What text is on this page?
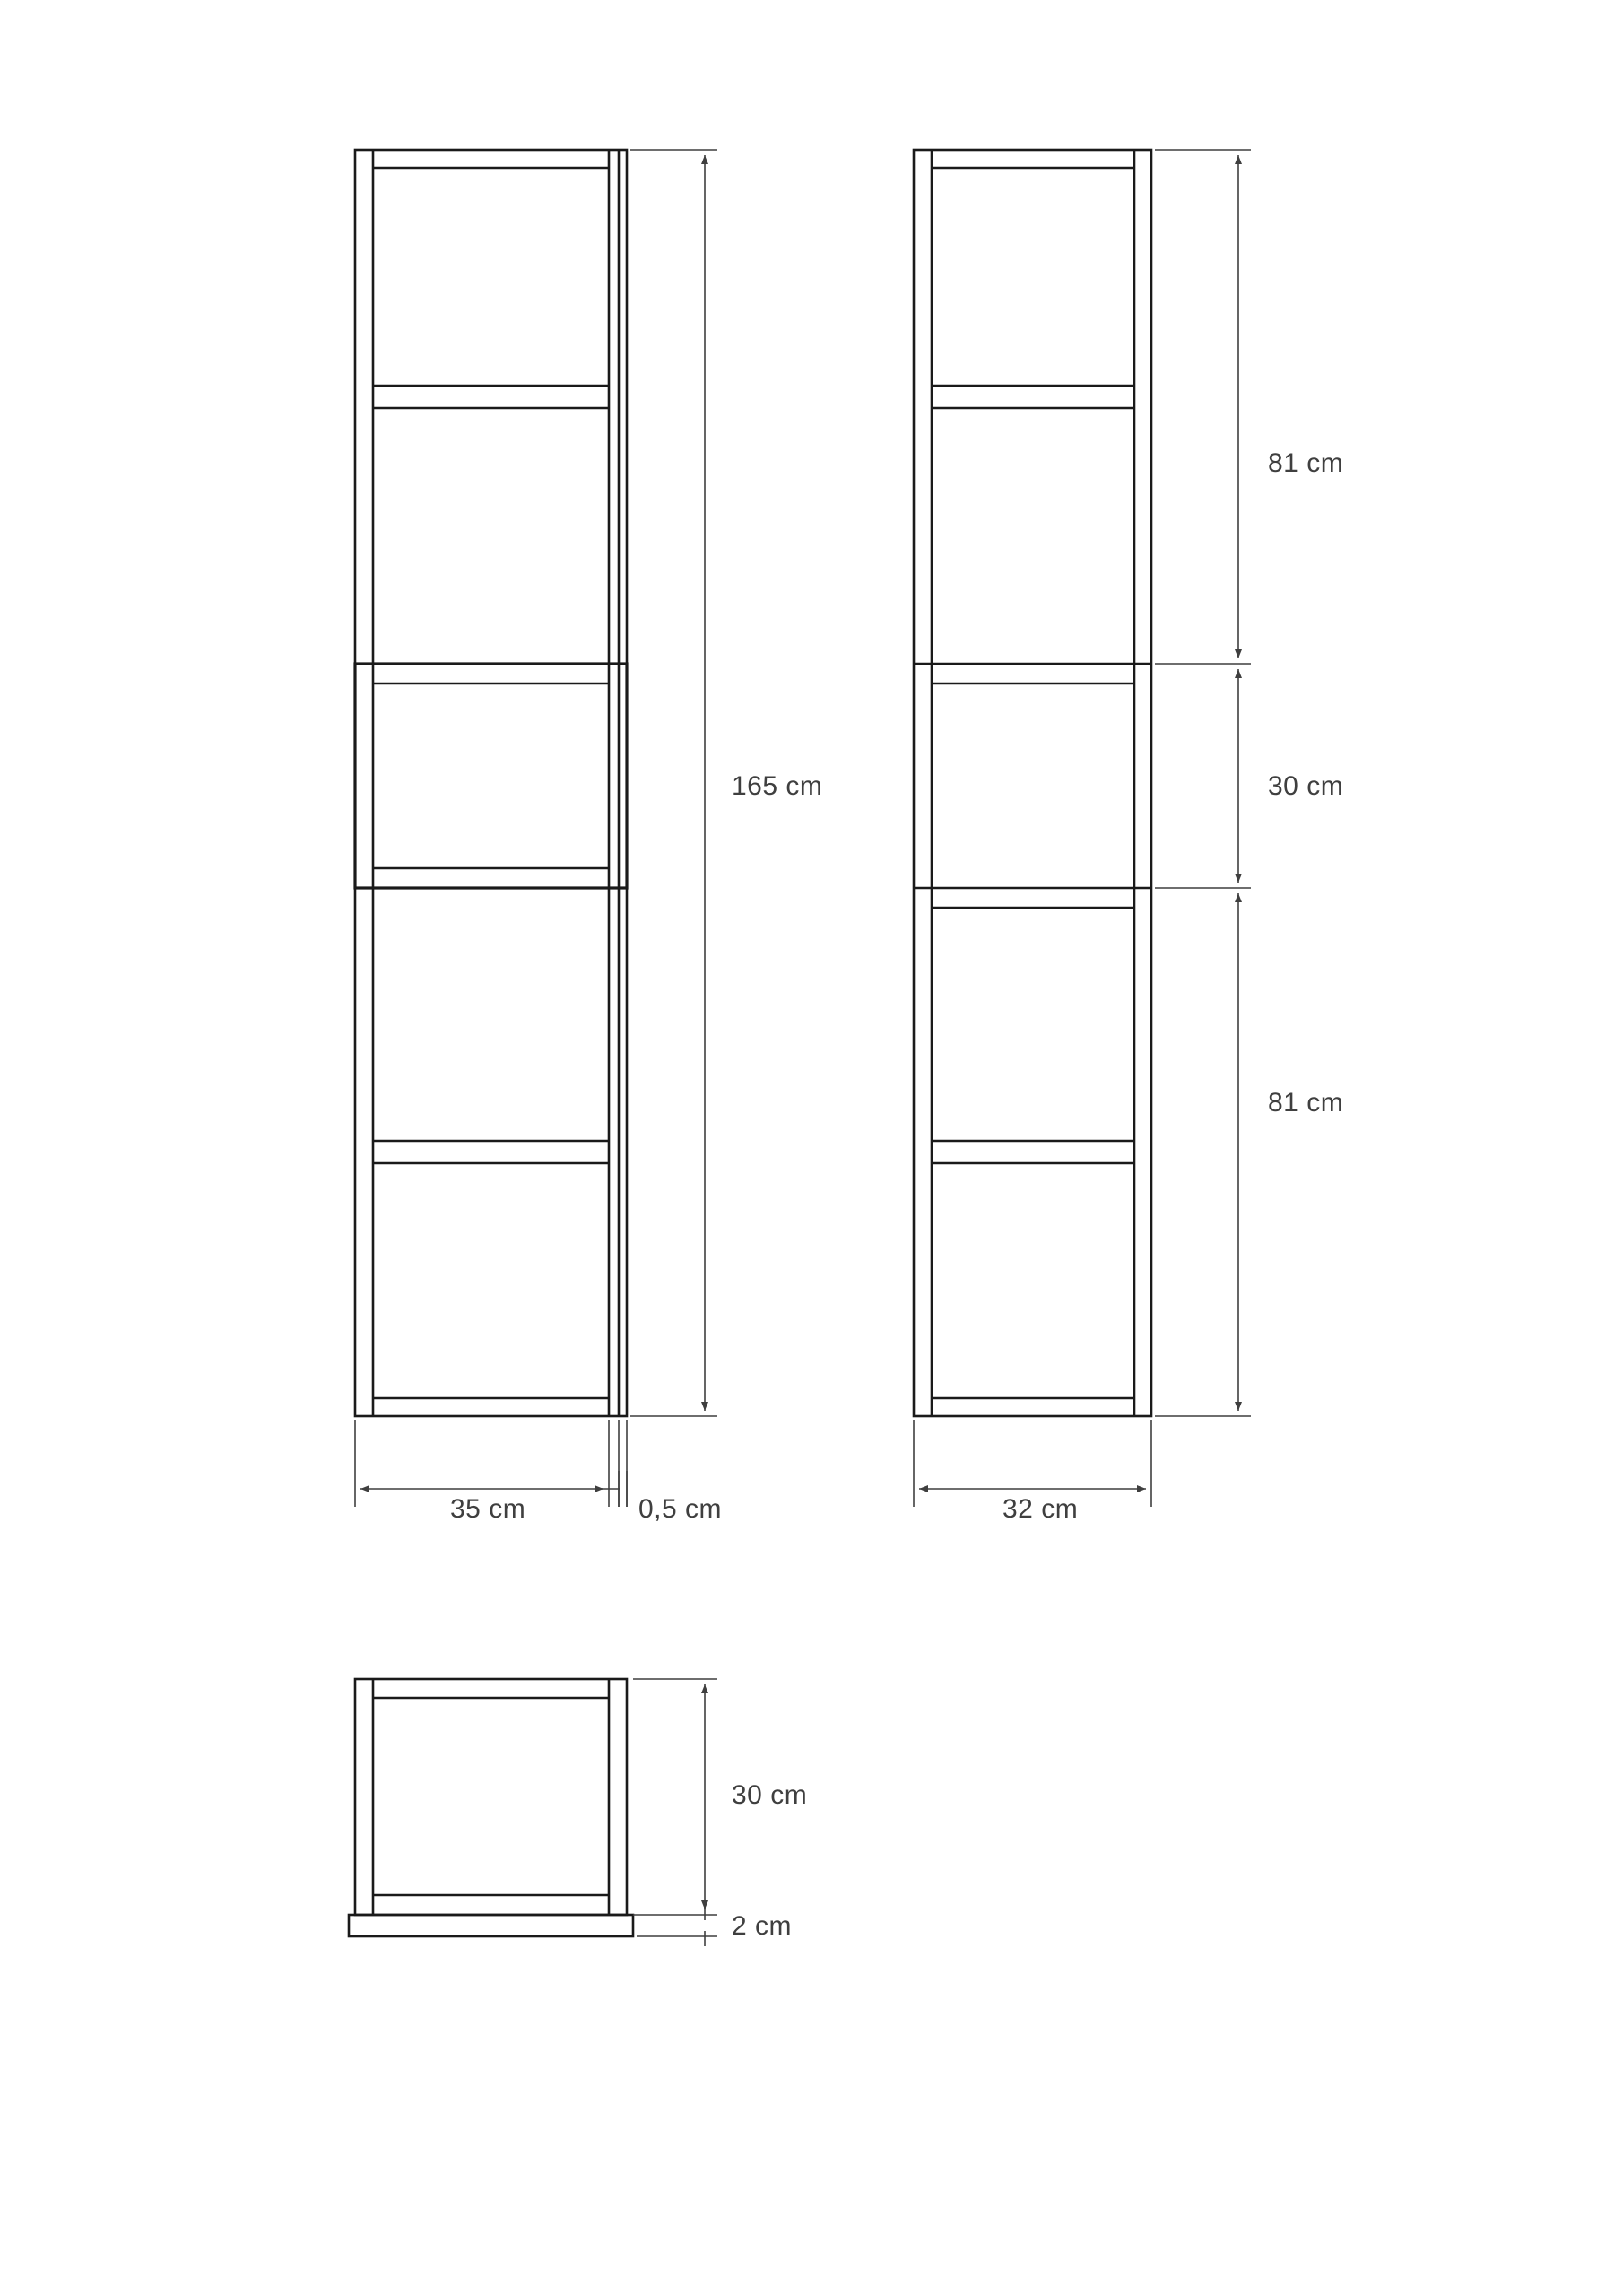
165 cm
35 cm	0,5 cm
81 cm
30 cm
81 cm
32 cm
30 cm
2 cm
